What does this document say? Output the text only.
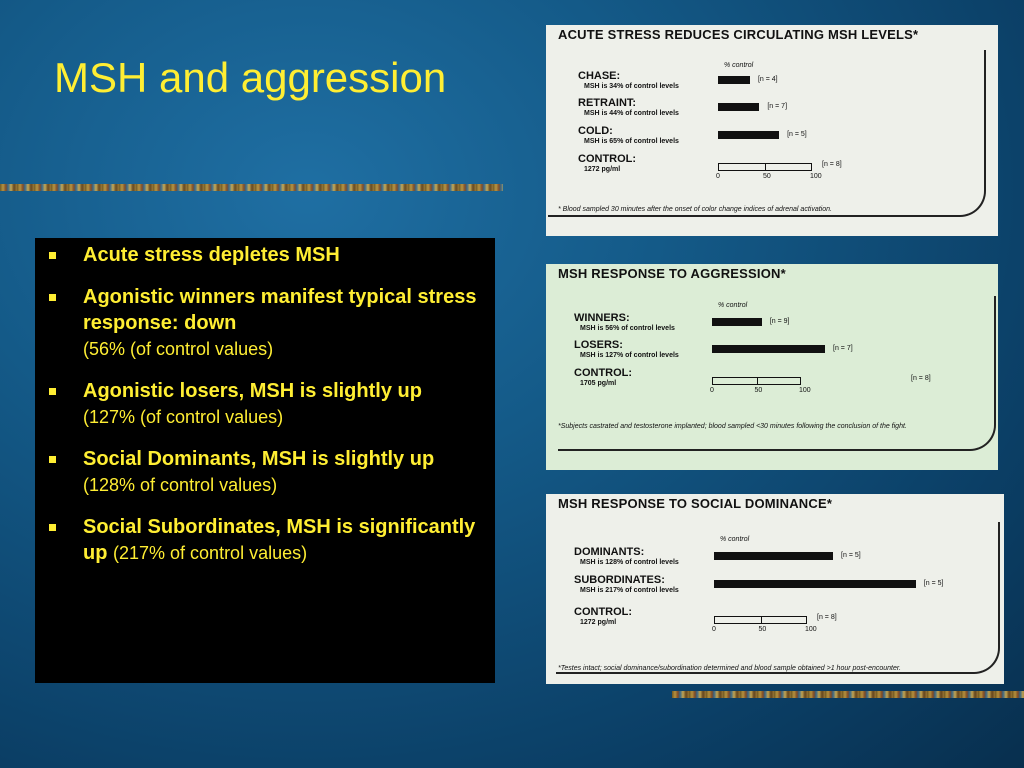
MSH and aggression
Acute stress depletes MSH
Agonistic winners manifest typical stress response: down
(56% (of control values)
Agonistic losers, MSH is slightly up  (127% (of control values)
Social Dominants, MSH is slightly up (128% of control values)
Social Subordinates, MSH is significantly up (217% of control values)
ACUTE STRESS REDUCES CIRCULATING MSH LEVELS*
% control
CHASE:
MSH is 34% of control levels
[n = 4]
RETRAINT:
MSH is 44% of control levels
[n = 7]
COLD:
MSH is 65% of control levels
[n = 5]
CONTROL:
1272 pg/ml
0	50	100
[n = 8]
* Blood sampled 30 minutes after the onset of color change indices of adrenal activation.
MSH RESPONSE TO AGGRESSION*
% control
WINNERS:
MSH is 56% of control levels
[n = 9]
LOSERS:
MSH is 127% of control levels
[n = 7]
CONTROL:
1705 pg/ml
0	50	100
[n = 8]
*Subjects castrated and testosterone implanted; blood sampled <30 minutes following the conclusion of the fight.
MSH RESPONSE TO SOCIAL DOMINANCE*
% control
DOMINANTS:
MSH is 128% of control levels
[n = 5]
SUBORDINATES:
MSH is 217% of control levels
[n = 5]
CONTROL:
1272 pg/ml
0	50	100
[n = 8]
*Testes intact; social dominance/subordination determined and blood sample obtained >1 hour post-encounter.
